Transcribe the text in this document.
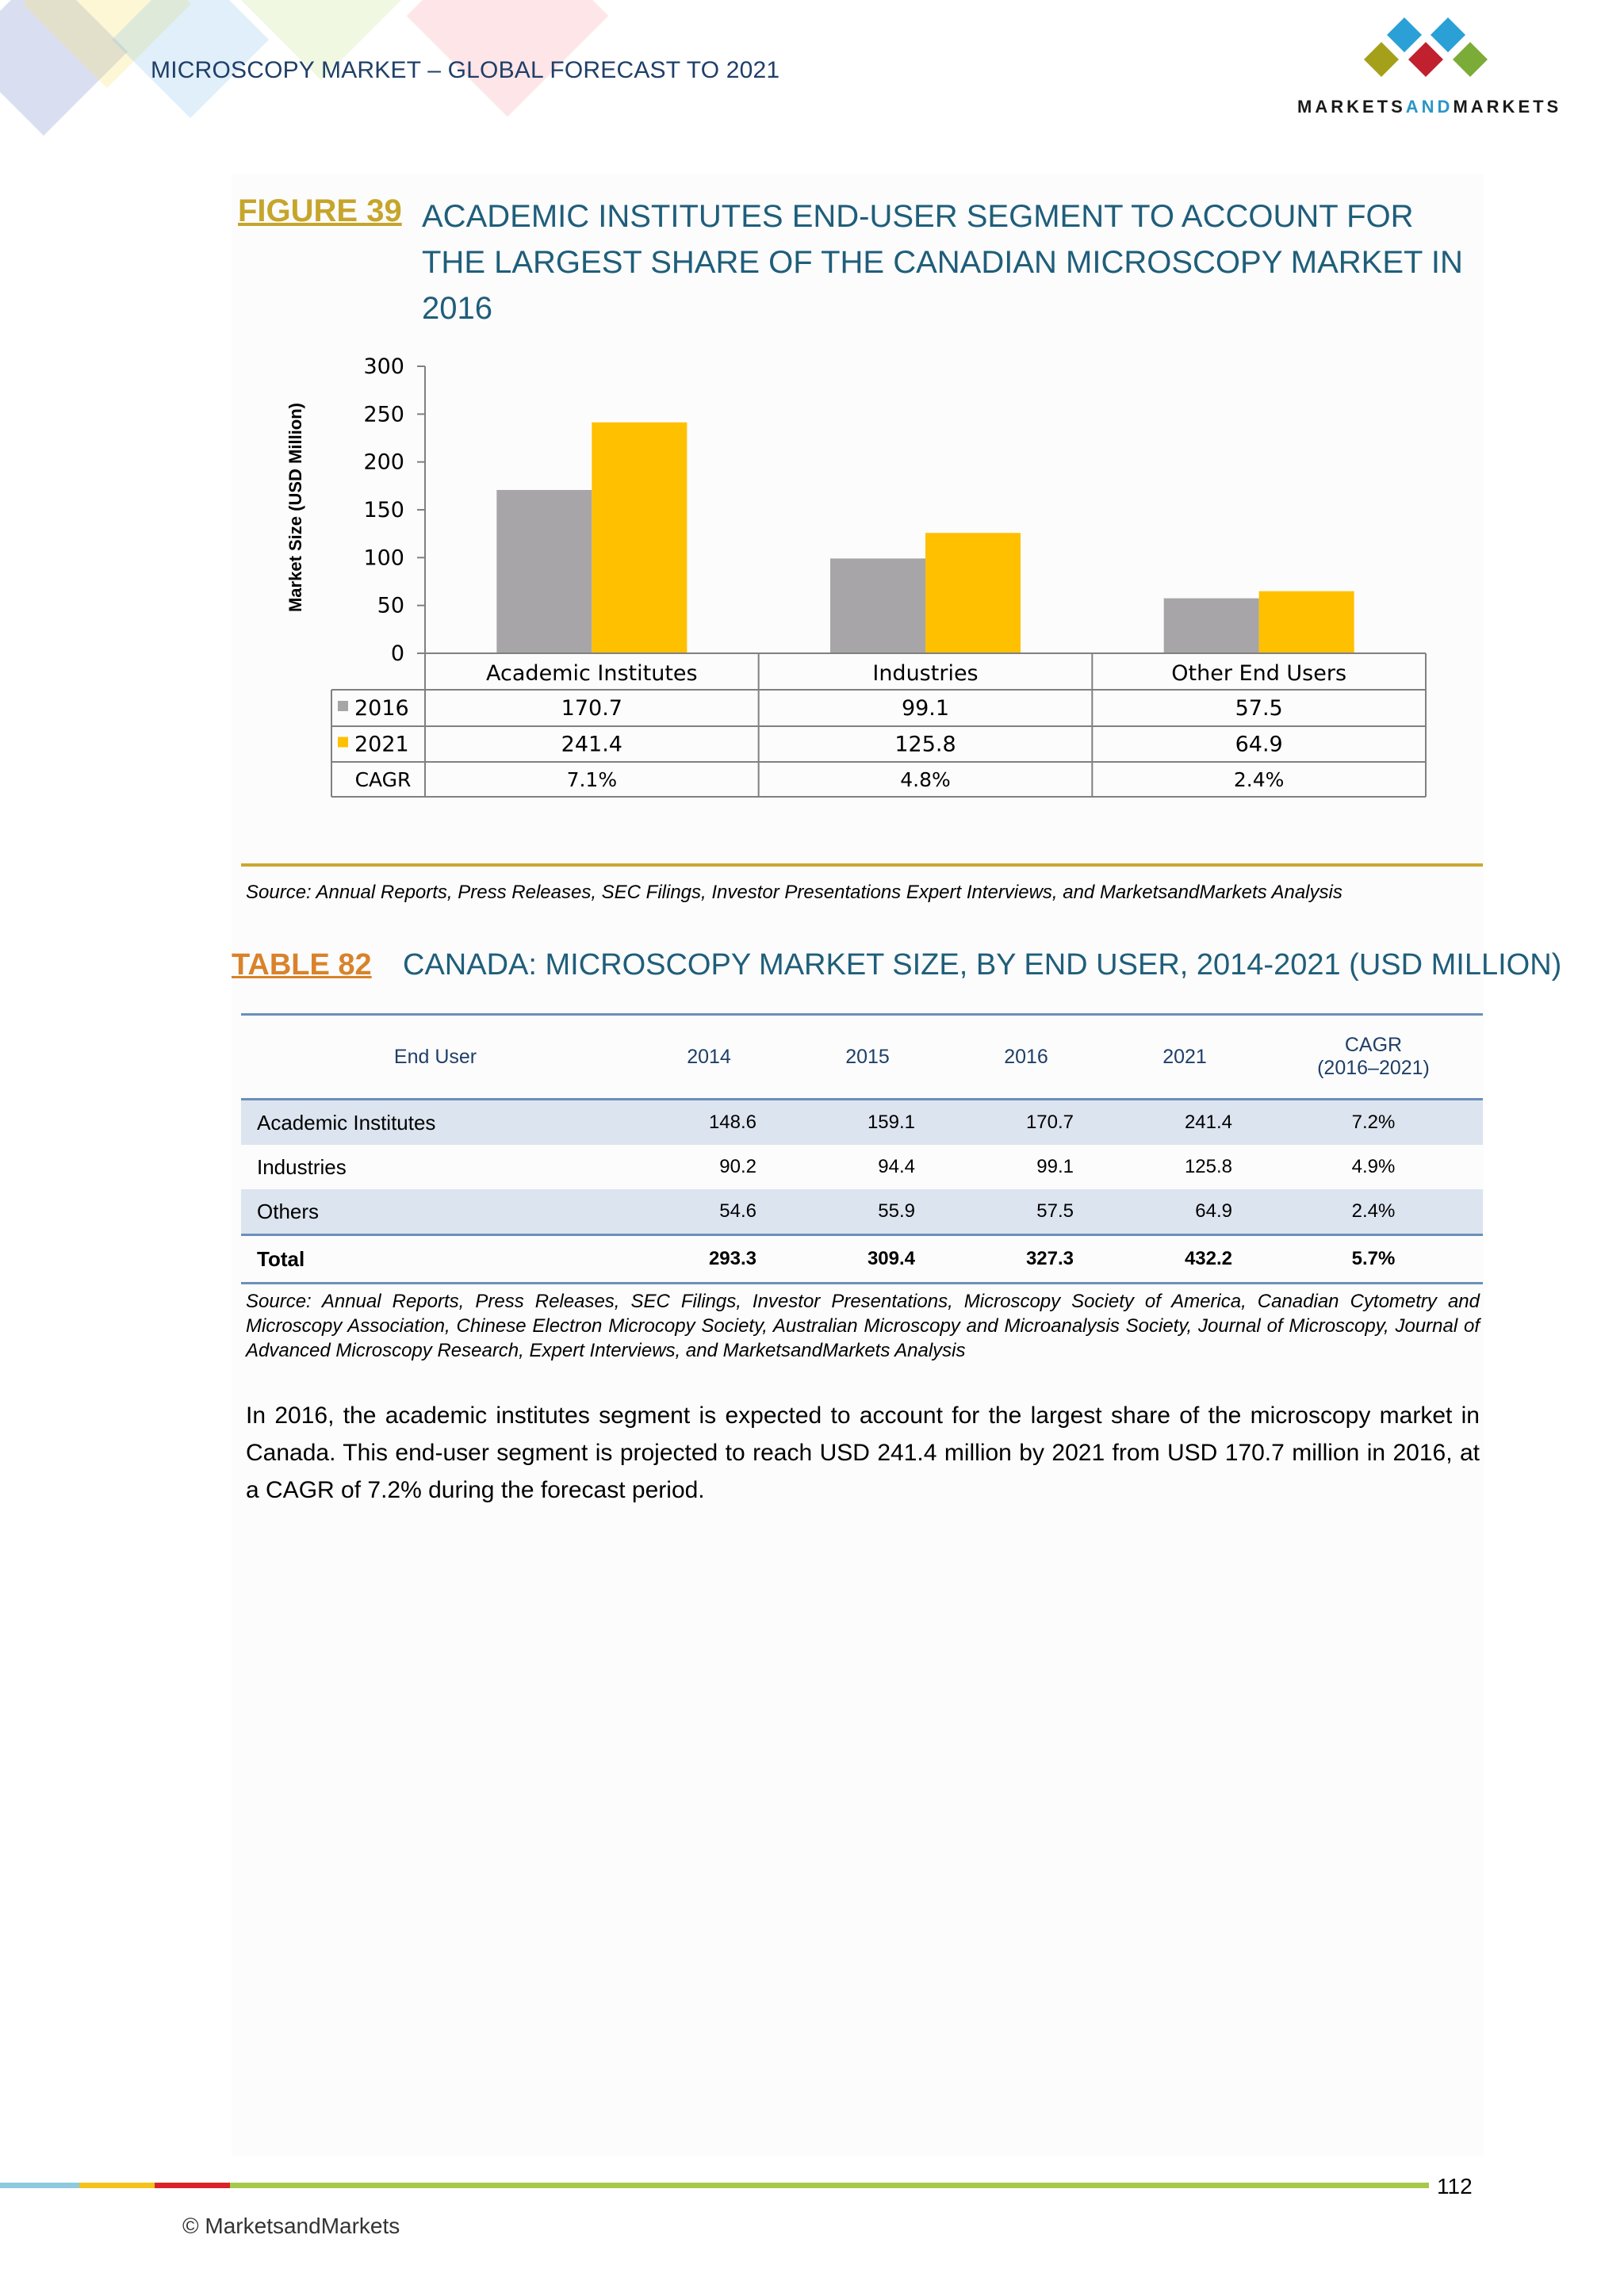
MICROSCOPY MARKET – GLOBAL FORECAST TO 2021
MARKETSANDMARKETS
FIGURE 39 ACADEMIC INSTITUTES END-USER SEGMENT TO ACCOUNT FOR THE LARGEST SHARE OF THE CANADIAN MICROSCOPY MARKET IN 2016
Market Size (USD Million)
0
50
100
150
200
250
300
Academic Institutes	Industries	Other End Users
2016	170.7	99.1	57.5
2021	241.4	125.8	64.9
CAGR	7.1%	4.8%	2.4%
Source: Annual Reports, Press Releases, SEC Filings, Investor Presentations Expert Interviews, and MarketsandMarkets Analysis
TABLE 82 CANADA: MICROSCOPY MARKET SIZE, BY END USER, 2014-2021 (USD MILLION)
End User	2014	2015	2016	2021	CAGR
(2016–2021)
Academic Institutes	148.6	159.1	170.7	241.4	7.2%
Industries	90.2	94.4	99.1	125.8	4.9%
Others	54.6	55.9	57.5	64.9	2.4%
Total	293.3	309.4	327.3	432.2	5.7%
Source: Annual Reports, Press Releases, SEC Filings, Investor Presentations, Microscopy Society of America, Canadian Cytometry and Microscopy Association, Chinese Electron Microcopy Society, Australian Microscopy and Microanalysis Society, Journal of Microscopy, Journal of Advanced Microscopy Research, Expert Interviews, and MarketsandMarkets Analysis
In 2016, the academic institutes segment is expected to account for the largest share of the microscopy market in Canada. This end-user segment is projected to reach USD 241.4 million by 2021 from USD 170.7 million in 2016, at a CAGR of 7.2% during the forecast period.
112
© MarketsandMarkets
